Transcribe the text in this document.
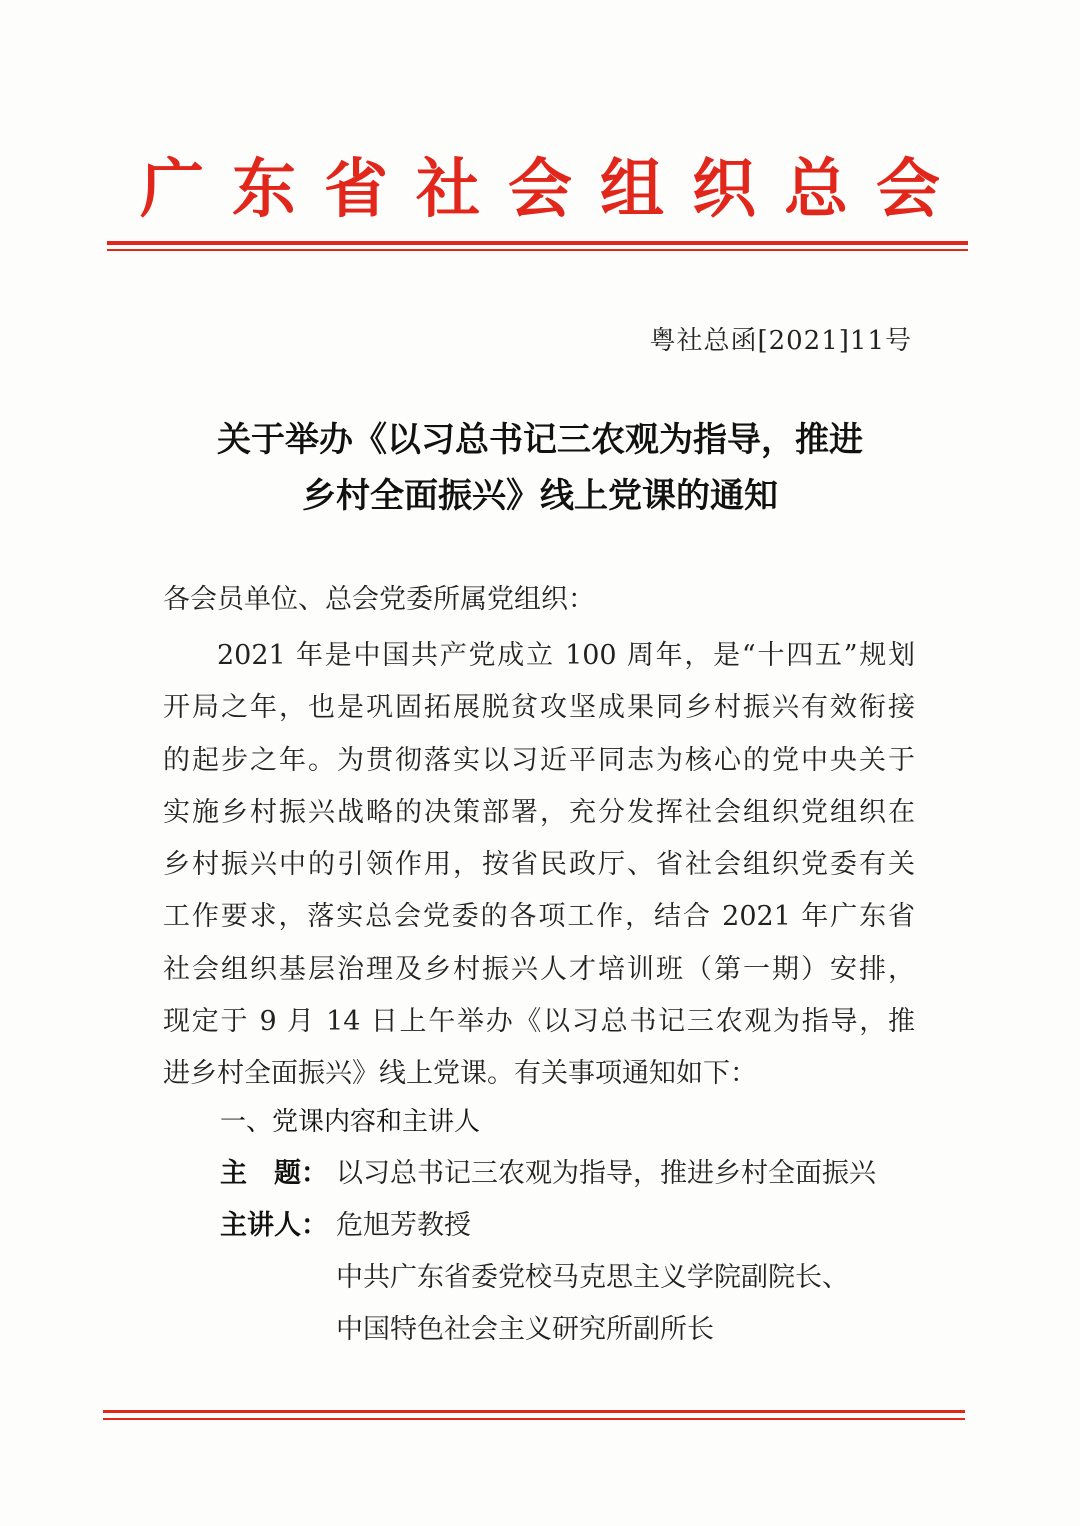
广 东 省 社 会 组 织 总 会
粤社总函[2021]11号
关于举办《以习总书记三农观为指导，推进
乡村全面振兴》线上党课的通知
各会员单位、总会党委所属党组织：
2021 年是中国共产党成立 100 周年，是“十四五”规划
开局之年，也是巩固拓展脱贫攻坚成果同乡村振兴有效衔接
的起步之年。为贯彻落实以习近平同志为核心的党中央关于
实施乡村振兴战略的决策部署，充分发挥社会组织党组织在
乡村振兴中的引领作用，按省民政厅、省社会组织党委有关
工作要求，落实总会党委的各项工作，结合 2021 年广东省
社会组织基层治理及乡村振兴人才培训班（第一期）安排，
现定于 9 月 14 日上午举办《以习总书记三农观为指导，推
进乡村全面振兴》线上党课。有关事项通知如下：
一、党课内容和主讲人
主　题： 以习总书记三农观为指导，推进乡村全面振兴
主讲人： 危旭芳教授
中共广东省委党校马克思主义学院副院长、
中国特色社会主义研究所副所长
